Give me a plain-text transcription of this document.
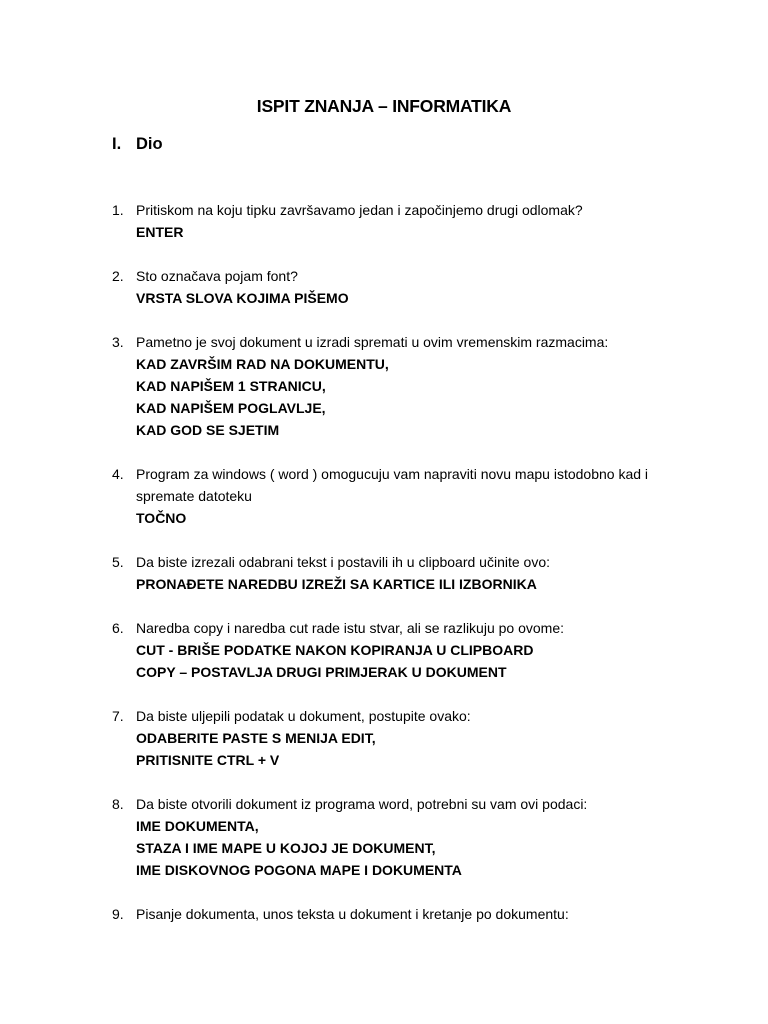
ISPIT ZNANJA – INFORMATIKA
I. Dio
1. Pritiskom na koju tipku završavamo jedan i započinjemo drugi odlomak?
ENTER
2. Sto označava pojam font?
VRSTA SLOVA KOJIMA PIŠEMO
3. Pametno je svoj dokument u izradi spremati u ovim vremenskim razmacima:
KAD ZAVRŠIM RAD NA DOKUMENTU,
KAD NAPIŠEM 1 STRANICU,
KAD NAPIŠEM POGLAVLJE,
KAD GOD SE SJETIM
4. Program za windows ( word ) omogucuju vam napraviti novu mapu istodobno kad i spremate datoteku
TOČNO
5. Da biste izrezali odabrani tekst i postavili ih u clipboard učinite ovo:
PRONAĐETE NAREDBU IZREŽI SA KARTICE ILI IZBORNIKA
6. Naredba copy i naredba cut rade istu stvar, ali se razlikuju po ovome:
CUT - BRIŠE PODATKE NAKON KOPIRANJA U CLIPBOARD
COPY – POSTAVLJA DRUGI PRIMJERAK U DOKUMENT
7. Da biste uljepili podatak u dokument, postupite ovako:
ODABERITE PASTE S MENIJA EDIT,
PRITISNITE CTRL + V
8. Da biste otvorili dokument iz programa word, potrebni su vam ovi podaci:
IME DOKUMENTA,
STAZA I IME MAPE U KOJOJ JE DOKUMENT,
IME DISKOVNOG POGONA MAPE I DOKUMENTA
9. Pisanje dokumenta, unos teksta u dokument i kretanje po dokumentu:
